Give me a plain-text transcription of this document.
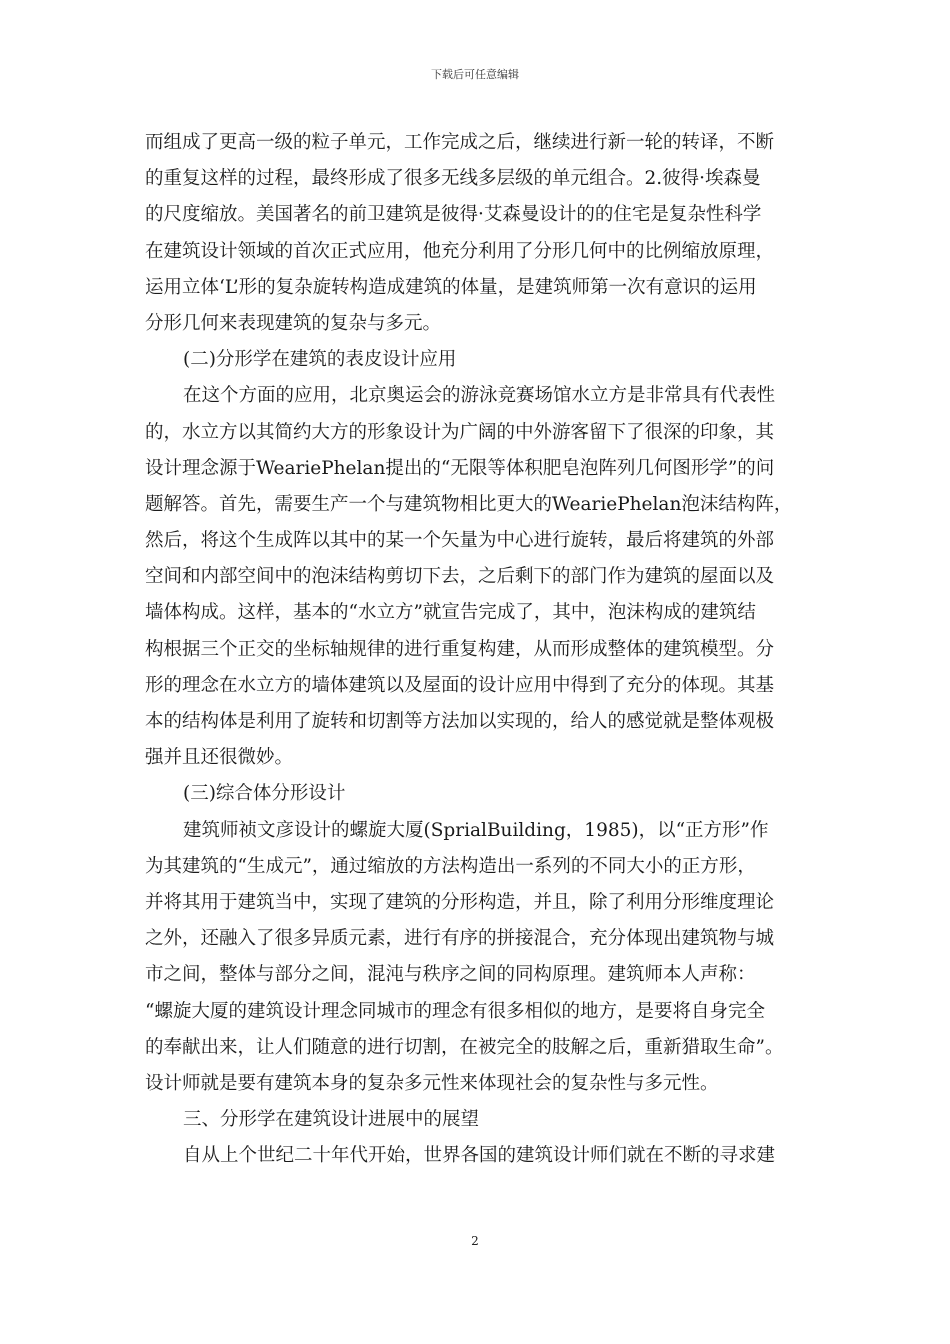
下载后可任意编辑
而组成了更高一级的粒子单元，工作完成之后，继续进行新一轮的转译，不断
的重复这样的过程，最终形成了很多无线多层级的单元组合。2.彼得·埃森曼
的尺度缩放。美国著名的前卫建筑是彼得·艾森曼设计的的住宅是复杂性科学
在建筑设计领域的首次正式应用，他充分利用了分形几何中的比例缩放原理，
运用立体‘L’形的复杂旋转构造成建筑的体量，是建筑师第一次有意识的运用
分形几何来表现建筑的复杂与多元。
(二)分形学在建筑的表皮设计应用
在这个方面的应用，北京奥运会的游泳竞赛场馆水立方是非常具有代表性
的，水立方以其简约大方的形象设计为广阔的中外游客留下了很深的印象，其
设计理念源于WeariePhelan提出的“无限等体积肥皂泡阵列几何图形学”的问
题解答。首先，需要生产一个与建筑物相比更大的WeariePhelan泡沫结构阵，
然后，将这个生成阵以其中的某一个矢量为中心进行旋转，最后将建筑的外部
空间和内部空间中的泡沫结构剪切下去，之后剩下的部门作为建筑的屋面以及
墙体构成。这样，基本的“水立方”就宣告完成了，其中，泡沫构成的建筑结
构根据三个正交的坐标轴规律的进行重复构建，从而形成整体的建筑模型。分
形的理念在水立方的墙体建筑以及屋面的设计应用中得到了充分的体现。其基
本的结构体是利用了旋转和切割等方法加以实现的，给人的感觉就是整体观极
强并且还很微妙。
(三)综合体分形设计
建筑师祯文彦设计的螺旋大厦(SprialBuilding，1985)，以“正方形”作
为其建筑的“生成元”，通过缩放的方法构造出一系列的不同大小的正方形，
并将其用于建筑当中，实现了建筑的分形构造，并且，除了利用分形维度理论
之外，还融入了很多异质元素，进行有序的拼接混合，充分体现出建筑物与城
市之间，整体与部分之间，混沌与秩序之间的同构原理。建筑师本人声称：
“螺旋大厦的建筑设计理念同城市的理念有很多相似的地方，是要将自身完全
的奉献出来，让人们随意的进行切割，在被完全的肢解之后，重新猎取生命”。
设计师就是要有建筑本身的复杂多元性来体现社会的复杂性与多元性。
三、分形学在建筑设计进展中的展望
自从上个世纪二十年代开始，世界各国的建筑设计师们就在不断的寻求建
2
